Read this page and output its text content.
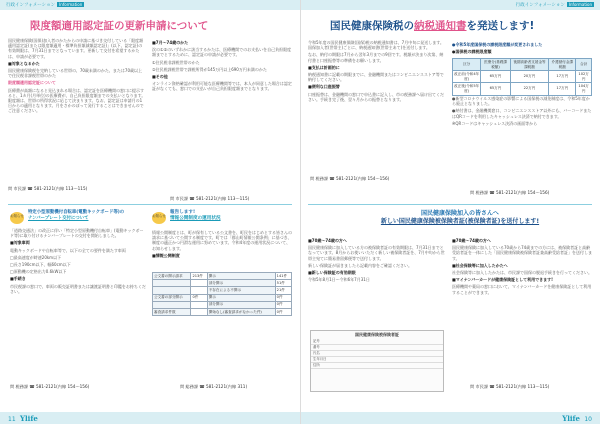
行政インフォメーション Information
限度額適用認定証の更新申請について

国民健康保険(国保)加入者のかたからの申請に基づき交付している「限度額適用認定証(または限度額適用・標準負担額減額認定証)」(以下、認定証)の有効期限は、7月31日までとなっています。更新して交付を希望するかたは、申請が必要です。

■対象となるかた

国民健康保険税を完納している世帯の、70歳未満のかた、または70歳以上で住民税非課税世帯のかた

限度額適用認定証について

医療費が高額になると見込まれる場合は、認定証を医療機関の窓口に提示すると、1カ月(月単位)の医療費が、自己負担限度額までの支払いとなります。限度額は、世帯の所得状況に応じて決まります。なお、認定証は申請月の1日からの適用となります。月をさかのぼって発行することはできませんのでご注意ください。

■7月～74歳のかた

次の①②のいずれかに該当するかたは、医療機関でのお支払いを自己負担限度額までとするために、認定証の申請が必要です。

①住民税非課税世帯のかた

②住民税課税世帯で課税所得が145万円以上690万円未満のかた

■その他

オンライン資格確認が利用可能な医療機関等では、本人が同意した場合は認定証がなくても、窓口での支払いが自己負担限度額までとなります。

問 市民課 ☎ 581-2121(内線 113～115)
問 市民課 ☎ 581-2121(内線 113～115)
お知らせ
特定小型原動機付自転車(電動キックボード等)の
ナンバープレート交付について

「道路交通法」の改正に伴い「特定小型原動機付自転車」(電動キックボード等)に取り付けるナンバープレートの交付を開始しました。

■対象車両

電動キックボードや自転車等で、以下の全ての要件を満たす車両

□最高速度が時速20km以下

□長さ190cm以下、幅60cm以下

□原動機の定格出力0.6kW以下

■手続き

市民税課の窓口で、車両の販売証明書または譲渡証明書と印鑑をお持ちください。

問 税務課 ☎ 581-2121(内線 154～156)
お知らせ
報告します!
情報公開制度の運用状況

情報公開制度とは、町が保有している公文書を、町民をはじめとする皆さんの請求に基づいて公開する制度です。町では「郡山町情報公開条例」に基づき、制度の適正かつ円滑な運用に努めています。令和4年度の運用状況について、お知らせします。

■情報公開制度

公文書の開示請求	213件	開示	141件
		部分開示	51件
		不存在による不開示	21件
公文書の部分開示	0件	開示	0件
		部分開示	0件
審査請求件数		開始なし(審査請求がなかった件)	0件
問 総務課 ☎ 581-2121(内線 311)
11 Ylife
行政インフォメーション Information
国民健康保険税の納税通知書を発送します!

令和5年度の国民健康保険(国保)税の納税通知書は、7月中旬に発送します。国保加入者(世帯主)ごとに、納税通知書(世帯主あて)を送付します。

なお、納付の期限は7月から翌年3月までの9回です。税額が決まり次第、納付書と口座振替等の準備をお願いします。

■支払は計画的に

納税通知書に記載の期限までに、金融機関またはコンビニエンスストア等で納付してください。

■便利な口座振替

口座振替は、金融機関の窓口で申込書に記入し、市の税務課へ届け出てください。手続き完了後、翌々月からの振替となります。

問 税務課 ☎ 581-2121(内線 154～156)

●令和5年度国保税の課税限度額が変更されました

●国保税の課税限度額

区分	医療分(基礎課税額)	後期高齢者支援金等課税額	介護納付金課税額	合計
改正前(令和4年度)	65万円	20万円	17万円	102万円
改正後(令和5年度)	65万円	22万円	17万円	104万円

●新型コロナウイルス感染症の影響による国保税の減免制度は、令和5年度から廃止となりました。

●納付書は、金融機関窓口、コンビニエンスストア以外にも、バーコードまたはQRコードを利用したキャッシュレス決済で納付できます。

※QRコードはキャッシュレス決済の画面等から

問 税務課 ☎ 581-2121(内線 154～156)
国民健康保険加入の皆さんへ
新しい国民健康保険被保険者証(被保険者証)を送付します!

■70歳～74歳の方へ

国民健康保険に加入している方の被保険者証の有効期限は、7月31日までとなっています。8月からお使いいただく新しい被保険者証を、7月中旬から世帯主宛てに簡易書留郵便等で送付します。

新しい保険証が届きましたら記載内容をご確認ください。

■新しい保険証の有効期限

令和5年8月1日～令和6年7月31日

国民健康保険被保険者証
記号
番号
氏名
生年月日
住所

■70歳～74歳の方へ

国民健康保険に加入している70歳から74歳までの方には、被保険者証と高齢受給者証を一体にした「国民健康保険被保険者証兼高齢受給者証」を送付します。

■社会保険等に加入したかたへ

社会保険等に加入したかたは、市民課で国保の脱退手続きを行ってください。

■マイナンバーカードが健康保険証として利用できます!

医療機関や薬局の窓口において、マイナンバーカードを健康保険証として利用することができます。

問 市民課 ☎ 581-2121(内線 113～115)
Ylife 10
